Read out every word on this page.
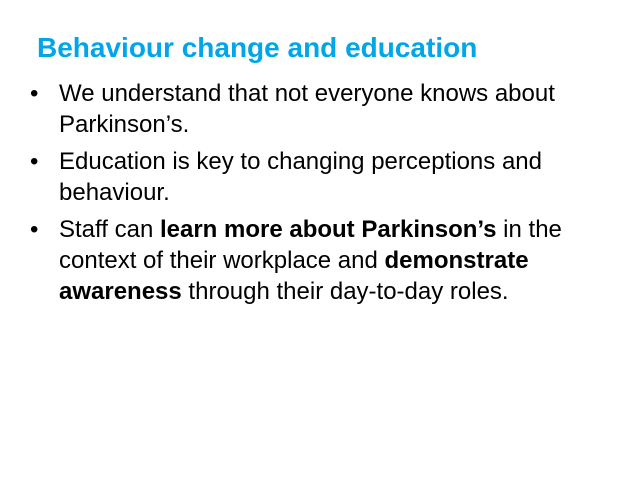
Behaviour change and education
• We understand that not everyone knows about Parkinson’s.
• Education is key to changing perceptions and behaviour.
• Staff can learn more about Parkinson’s in the context of their workplace and demonstrate awareness through their day-to-day roles.
